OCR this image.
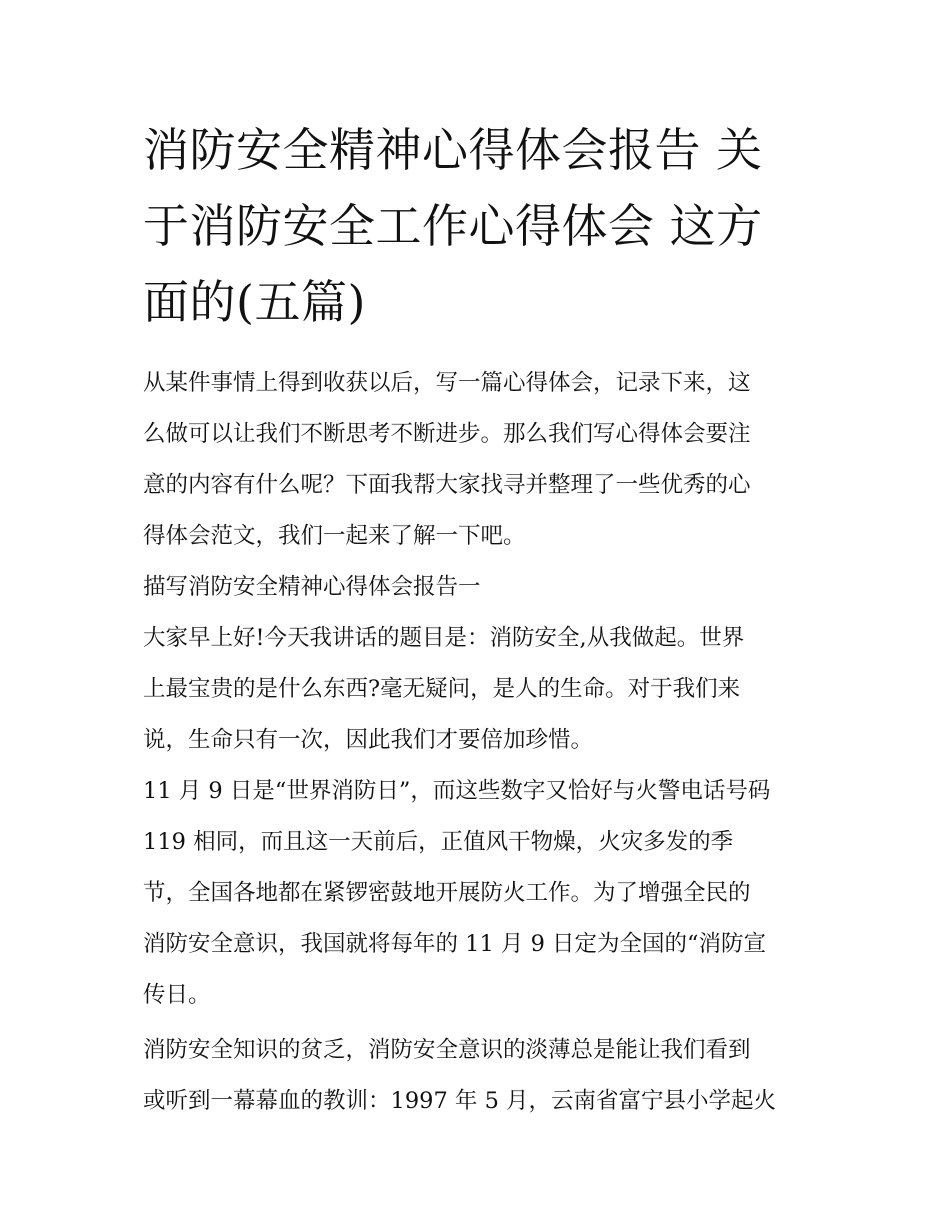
消防安全精神心得体会报告 关
于消防安全工作心得体会 这方
面的(五篇)
从某件事情上得到收获以后，写一篇心得体会，记录下来，这
么做可以让我们不断思考不断进步。那么我们写心得体会要注
意的内容有什么呢？下面我帮大家找寻并整理了一些优秀的心
得体会范文，我们一起来了解一下吧。
描写消防安全精神心得体会报告一
大家早上好!今天我讲话的题目是：消防安全,从我做起。世界
上最宝贵的是什么东西?毫无疑问，是人的生命。对于我们来
说，生命只有一次，因此我们才要倍加珍惜。
11 月 9 日是“世界消防日”，而这些数字又恰好与火警电话号码
119 相同，而且这一天前后，正值风干物燥，火灾多发的季
节，全国各地都在紧锣密鼓地开展防火工作。为了增强全民的
消防安全意识，我国就将每年的 11 月 9 日定为全国的“消防宣
传日。
消防安全知识的贫乏，消防安全意识的淡薄总是能让我们看到
或听到一幕幕血的教训：1997 年 5 月，云南省富宁县小学起火
